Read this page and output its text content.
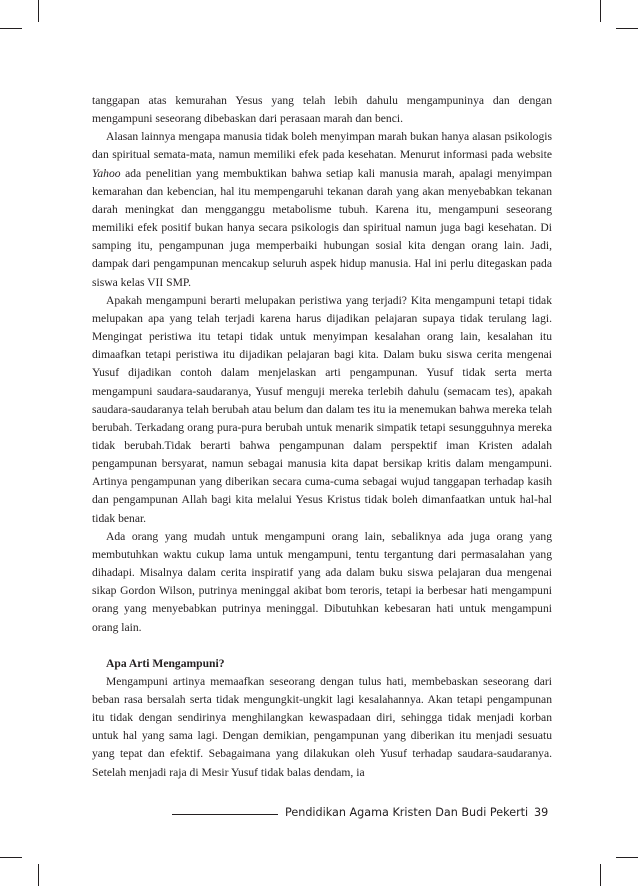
tanggapan atas kemurahan Yesus yang telah lebih dahulu mengampuninya dan dengan mengampuni seseorang dibebaskan dari perasaan marah dan benci.

Alasan lainnya mengapa manusia tidak boleh menyimpan marah bukan hanya alasan psikologis dan spiritual semata-mata, namun memiliki efek pada kesehatan. Menurut informasi pada website Yahoo ada penelitian yang membuktikan bahwa setiap kali manusia marah, apalagi menyimpan kemarahan dan kebencian, hal itu mempengaruhi tekanan darah yang akan menyebabkan tekanan darah meningkat dan mengganggu metabolisme tubuh. Karena itu, mengampuni seseorang memiliki efek positif bukan hanya secara psikologis dan spiritual namun juga bagi kesehatan. Di samping itu, pengampunan juga memperbaiki hubungan sosial kita dengan orang lain. Jadi, dampak dari pengampunan mencakup seluruh aspek hidup manusia. Hal ini perlu ditegaskan pada siswa kelas VII SMP.

Apakah mengampuni berarti melupakan peristiwa yang terjadi? Kita mengampuni tetapi tidak melupakan apa yang telah terjadi karena harus dijadikan pelajaran supaya tidak terulang lagi. Mengingat peristiwa itu tetapi tidak untuk menyimpan kesalahan orang lain, kesalahan itu dimaafkan tetapi peristiwa itu dijadikan pelajaran bagi kita. Dalam buku siswa cerita mengenai Yusuf dijadikan contoh dalam menjelaskan arti pengampunan. Yusuf tidak serta merta mengampuni saudara-saudaranya, Yusuf menguji mereka terlebih dahulu (semacam tes), apakah saudara-saudaranya telah berubah atau belum dan dalam tes itu ia menemukan bahwa mereka telah berubah. Terkadang orang pura-pura berubah untuk menarik simpatik tetapi sesungguhnya mereka tidak berubah.Tidak berarti bahwa pengampunan dalam perspektif iman Kristen adalah pengampunan bersyarat, namun sebagai manusia kita dapat bersikap kritis dalam mengampuni. Artinya pengampunan yang diberikan secara cuma-cuma sebagai wujud tanggapan terhadap kasih dan pengampunan Allah bagi kita melalui Yesus Kristus tidak boleh dimanfaatkan untuk hal-hal tidak benar.

Ada orang yang mudah untuk mengampuni orang lain, sebaliknya ada juga orang yang membutuhkan waktu cukup lama untuk mengampuni, tentu tergantung dari permasalahan yang dihadapi. Misalnya dalam cerita inspiratif yang ada dalam buku siswa pelajaran dua mengenai sikap Gordon Wilson, putrinya meninggal akibat bom teroris, tetapi ia berbesar hati mengampuni orang yang menyebabkan putrinya meninggal. Dibutuhkan kebesaran hati untuk mengampuni orang lain.

Apa Arti Mengampuni?

Mengampuni artinya memaafkan seseorang dengan tulus hati, membebaskan seseorang dari beban rasa bersalah serta tidak mengungkit-ungkit lagi kesalahannya. Akan tetapi pengampunan itu tidak dengan sendirinya menghilangkan kewaspadaan diri, sehingga tidak menjadi korban untuk hal yang sama lagi. Dengan demikian, pengampunan yang diberikan itu menjadi sesuatu yang tepat dan efektif. Sebagaimana yang dilakukan oleh Yusuf terhadap saudara-saudaranya. Setelah menjadi raja di Mesir Yusuf tidak balas dendam, ia

Pendidikan Agama Kristen Dan Budi Pekerti 39
